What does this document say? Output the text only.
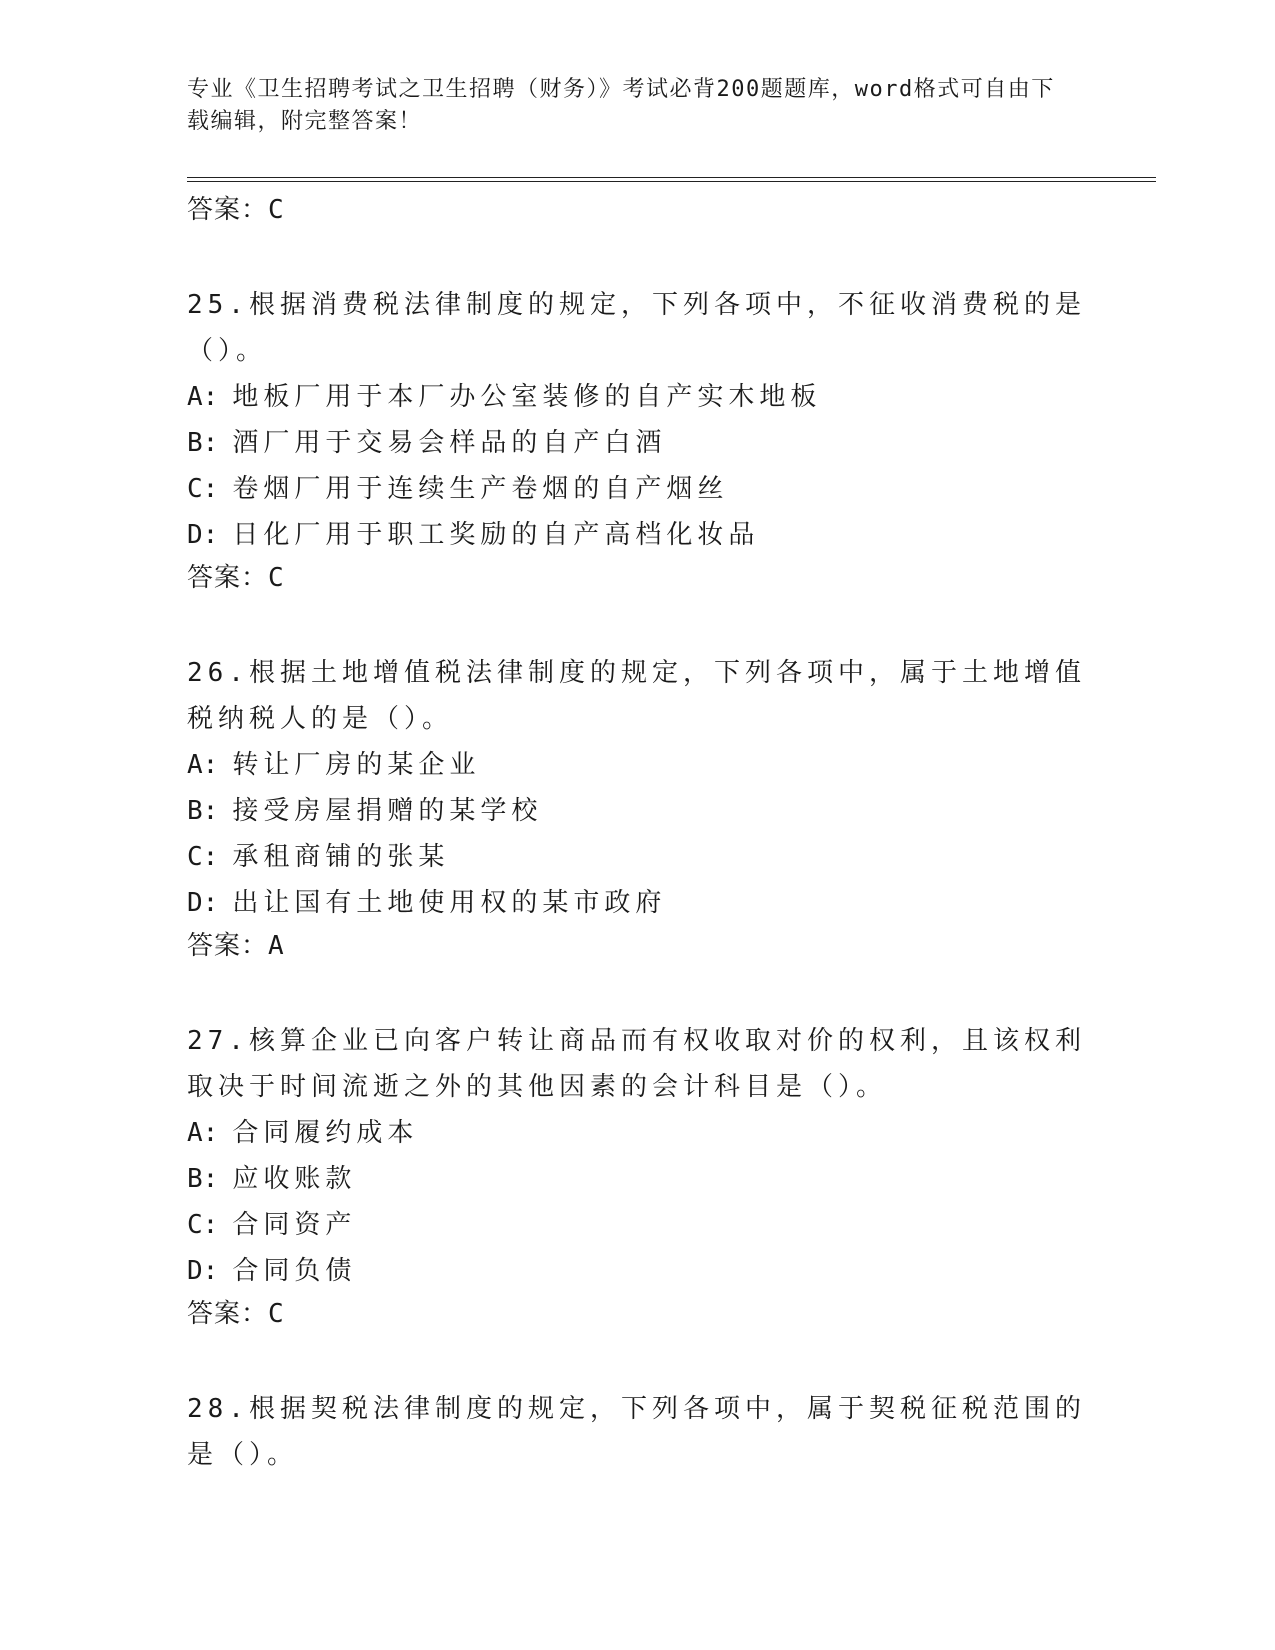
专业《卫生招聘考试之卫生招聘（财务）》考试必背200题题库，word格式可自由下载编辑，附完整答案！
答案：C
25.根据消费税法律制度的规定，下列各项中，不征收消费税的是（）。
A: 地板厂用于本厂办公室装修的自产实木地板
B: 酒厂用于交易会样品的自产白酒
C: 卷烟厂用于连续生产卷烟的自产烟丝
D: 日化厂用于职工奖励的自产高档化妆品
答案：C
26.根据土地增值税法律制度的规定，下列各项中，属于土地增值税纳税人的是（）。
A: 转让厂房的某企业
B: 接受房屋捐赠的某学校
C: 承租商铺的张某
D: 出让国有土地使用权的某市政府
答案：A
27.核算企业已向客户转让商品而有权收取对价的权利，且该权利取决于时间流逝之外的其他因素的会计科目是（）。
A: 合同履约成本
B: 应收账款
C: 合同资产
D: 合同负债
答案：C
28.根据契税法律制度的规定，下列各项中，属于契税征税范围的是（）。
